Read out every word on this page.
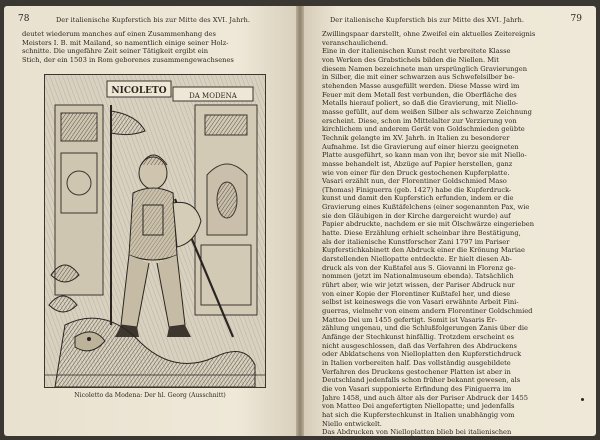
78	Der italienische Kupferstich bis zur Mitte des XVI. Jahrh.
deutet wiederum manches auf einen Zusammenhang des
Meisters I. B. mit Mailand, so namentlich einige seiner Holz-
schnitte. Die ungefähre Zeit seiner Tätigkeit ergibt ein
Stich, der ein 1503 in Rom geborenes zusammengewachsenes
NICOLETO	DA MODENA
Nicoletto da Modena: Der hl. Georg (Ausschnitt)
Der italienische Kupferstich bis zur Mitte des XVI. Jahrh.	79
Zwillingspaar darstellt, ohne Zweifel ein aktuelles Zeitereignis
veranschaulichend.
Eine in der italienischen Kunst recht verbreitete Klasse
von Werken des Grabstichels bilden die Niellen. Mit
diesem Namen bezeichnete man ursprünglich Gravierungen
in Silber, die mit einer schwarzen aus Schwefelsilber be-
stehenden Masse ausgefüllt werden. Diese Masse wird im
Feuer mit dem Metall fest verbunden, die Oberfläche des
Metalls hierauf poliert, so daß die Gravierung, mit Niello-
masse gefüllt, auf dem weißen Silber als schwarze Zeichnung
erscheint. Diese, schon im Mittelalter zur Verzierung von
kirchlichem und anderem Gerät von Goldschmieden geübte
Technik gelangte im XV. Jahrh. in Italien zu besonderer
Aufnahme. Ist die Gravierung auf einer hierzu geeigneten
Platte ausgeführt, so kann man von ihr, bevor sie mit Niello-
masse behandelt ist, Abzüge auf Papier herstellen, ganz
wie von einer für den Druck gestochenen Kupferplatte.
Vasari erzählt nun, der Florentiner Goldschmied Maso
(Thomas) Finiguerra (geb. 1427) habe die Kupferdruck-
kunst und damit den Kupferstich erfunden, indem er die
Gravierung eines Kußtäfelchens (einer sogenannten Pax, wie
sie den Gläubigen in der Kirche dargereicht wurde) auf
Papier abdruckte, nachdem er sie mit Ölschwärze eingerieben
hatte. Diese Erzählung erhielt scheinbar ihre Bestätigung,
als der italienische Kunstforscher Zani 1797 im Pariser
Kupferstichkabinett den Abdruck einer die Krönung Mariae
darstellenden Niellopatte entdeckte. Er hielt diesen Ab-
druck als von der Kußtafel aus S. Giovanni in Florenz ge-
nommen (jetzt im Nationalmuseum ebenda). Tatsächlich
rührt aber, wie wir jetzt wissen, der Pariser Abdruck nur
von einer Kopie der Florentiner Kußtafel her, und diese
selbst ist keineswegs die von Vasari erwähnte Arbeit Fini-
guerras, vielmehr von einem andern Florentiner Goldschmied
Matteo Dei um 1455 gefertigt. Somit ist Vasaris Er-
zählung ungenau, und die Schlußfolgerungen Zanis über die
Anfänge der Stechkunst hinfällig. Trotzdem erscheint es
nicht ausgeschlossen, daß das Verfahren des Abdruckens
oder Abklatschens von Nielloplatten den Kupferstichdruck
in Italien vorbereiten half. Das vollständig ausgebildete
Verfahren des Druckens gestochener Platten ist aber in
Deutschland jedenfalls schon früher bekannt gewesen, als
die von Vasari supponierte Erfindung des Finiguerra im
Jahre 1458, und auch älter als der Pariser Abdruck der 1455
von Matteo Dei angefertigten Niellopatte; und jedenfalls
hat sich die Kupferstechkunst in Italien unabhängig vom
Niello entwickelt.
Das Abdrucken von Nielloplatten blieb bei italienischen
